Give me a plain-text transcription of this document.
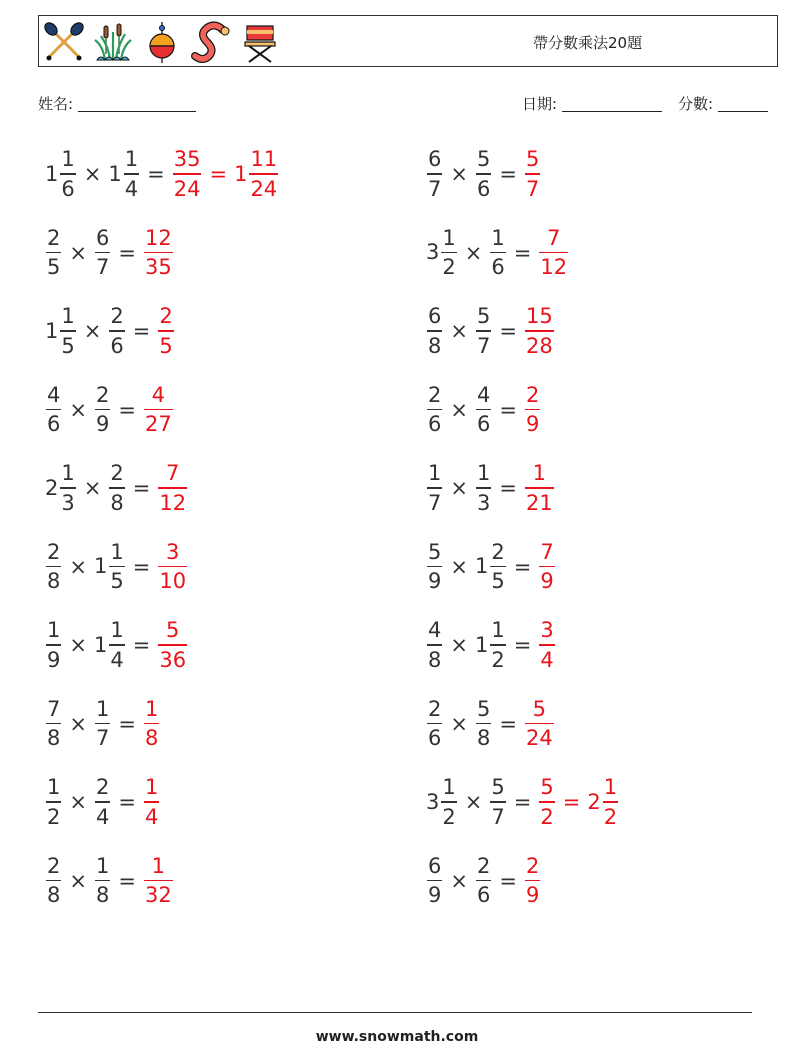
帶分數乘法20題
姓名:	日期:	分數:
$1 \frac{1}{6} \times 1 \frac{1}{4} = \frac{35}{24} = 1 \frac{11}{24}$	$\frac{6}{7} \times \frac{5}{6} = \frac{5}{7}$
$\frac{2}{5} \times \frac{6}{7} = \frac{12}{35}$	$3 \frac{1}{2} \times \frac{1}{6} = \frac{7}{12}$
$1 \frac{1}{5} \times \frac{2}{6} = \frac{2}{5}$	$\frac{6}{8} \times \frac{5}{7} = \frac{15}{28}$
$\frac{4}{6} \times \frac{2}{9} = \frac{4}{27}$	$\frac{2}{6} \times \frac{4}{6} = \frac{2}{9}$
$2 \frac{1}{3} \times \frac{2}{8} = \frac{7}{12}$	$\frac{1}{7} \times \frac{1}{3} = \frac{1}{21}$
$\frac{2}{8} \times 1 \frac{1}{5} = \frac{3}{10}$	$\frac{5}{9} \times 1 \frac{2}{5} = \frac{7}{9}$
$\frac{1}{9} \times 1 \frac{1}{4} = \frac{5}{36}$	$\frac{4}{8} \times 1 \frac{1}{2} = \frac{3}{4}$
$\frac{7}{8} \times \frac{1}{7} = \frac{1}{8}$	$\frac{2}{6} \times \frac{5}{8} = \frac{5}{24}$
$\frac{1}{2} \times \frac{2}{4} = \frac{1}{4}$	$3 \frac{1}{2} \times \frac{5}{7} = \frac{5}{2} = 2 \frac{1}{2}$
$\frac{2}{8} \times \frac{1}{8} = \frac{1}{32}$	$\frac{6}{9} \times \frac{2}{6} = \frac{2}{9}$
www.snowmath.com
